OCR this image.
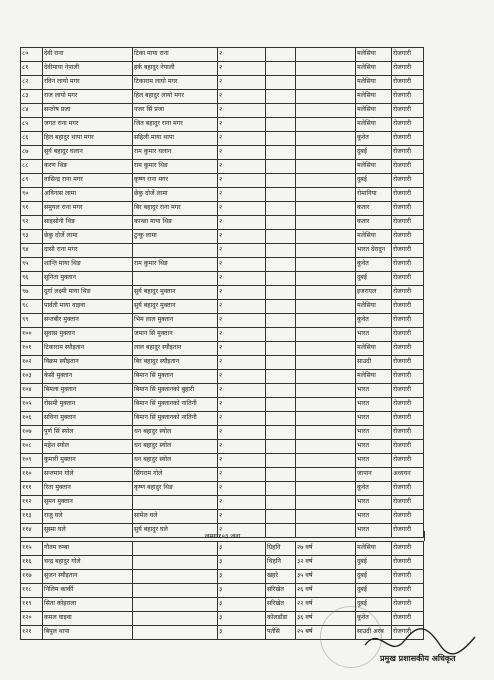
८०	देवी राना	टिका माया राना	२			मलेसिया	रोजगारी
८१	देवीमाया नेपाली	हर्क बहादुर नेपाली	२			मलेसिया	रोजगारी
८२	रविन लायो मगर	टिकाराम लायो मगर	२			मलेसिया	रोजगारी
८३	राज लायो मगर	हिल बहादुर लायो मगर	२			मलेसिया	रोजगारी
८४	सन्तोष प्रजा	नजर सिं प्रजा	२			मलेसिया	रोजगारी
८५	जगत राना मगर	जित बहादुर राना मगर	२			मलेसिया	रोजगारी
८६	हिल बहादुर थापा मगर	सहिली माया थापा	२			कुवेत	रोजगारी
८७	सुर्य बहादुर घलान	राम कुमार घलान	२			दुबई	रोजगारी
८८	करण थिङ	राम कुमार थिङ	२			मलेसिया	रोजगारी
८९	वासिन्द्र राना मगर	कृष्ण राना मगर	२			दुबई	रोजगारी
९०	अविनास लामा	छेकु दोर्जे लामा	२			रोमानिया	रोजगारी
९१	समुयल राना मगर	बिर बहादुर राना मगर	२			कतार	रोजगारी
९२	साइसोनी थिङ	कान्छा माया थिङ	२			कतार	रोजगारी
९३	छेकु दोर्जे लामा	टुन्कु लामा	२			मलेसिया	रोजगारी
९४	दासी राना मगर		२			भारत देरादुन	रोजगारी
९५	शान्ति माया थिङ	राम कुमार थिङ	२			कुवेत	रोजगारी
९६	सुनिता मुक्तान		२			दुबई	रोजगारी
९७	दुर्गा लक्ष्मी माया थिङ	सुर्य बहादुर मुक्तान	२			इजराएल	रोजगारी
९८	पार्वती माया वाइवा	सुर्य बहादुर मुक्तान	२			मलेसिया	रोजगारी
९९	सन्तबीर मुक्तान	भिम लाल मुक्तान	२			कुवेत	रोजगारी
१००	सुवास मुक्तान	जमान सिं मुक्तान	२			भारत	रोजगारी
१०१	टिकाराम स्यौइतान	लाल बहादुर स्यौइतान	२			मलेसिया	रोजगारी
१०२	विक्रम स्यौइतान	बिर बहादुर स्यौइतान	२			साउदी	रोजगारी
१०३	केसी मुक्तान	बिमान सिं मुक्तान	२			मलेसिया	रोजगारी
१०४	बिमला मुक्तान	बिमान सिं मुक्तानको बुहारी	२			भारत	रोजगारी
१०५	रोसमी मुक्तान	बिमान सिं मुक्तानको नातिनी	२			भारत	रोजगारी
१०६	सविना मुक्तान	बिमान सिं मुक्तानको नातिनी	२			भारत	रोजगारी
१०७	पुर्ण सिं स्योल	धन बहादुर स्योल	२			भारत	रोजगारी
१०८	महेश स्योल	धन बहादुर स्योल	२			भारत	रोजगारी
१०९	कुमारी मुक्तान	धन बहादुर स्योल	२			भारत	रोजगारी
११०	सन्तमान गोले	सिंगराम गोले	२			जापान	अध्ययन
१११	रिता मुक्तान	कृष्ण बहादुर थिङ	२			कुवेत	रोजगारी
११२	सुमन मुक्तान		२			भारत	रोजगारी
११३	राजु घले	सामेल घले	२			भारत	रोजगारी
११४	सुस्मा घले	सुर्य बहादुर घले	२			भारत	रोजगारी
जम्माः१०३ जना
११५	गौतम रुम्बा		३	ग्रिहनि	२७ वर्ष	मलेसिया	रोजगारी
११६	चन्द्र बहादुर गोले		३	थिहनि	३२ वर्ष	दुबई	रोजगारी
११७	सुजन स्यौइतान		३	खहरे	३५ वर्ष	दुबई	रोजगारी
११८	निलिम कार्की		३	सरिखेत	२६ वर्ष	दुबई	रोजगारी
११९	सिता कोइराला		३	सरिखेत	२२ वर्ष	दुबई	रोजगारी
१२०	कमल वाइवा		३	कोलडाँडा	३६ वर्ष	कुवेत	रोजगारी
१२१	बिपुल थापा		३	पर्तसि	२५ बर्ष	साउदी अरब	रोजगारी
प्रमुख प्रशासकीय अधिकृत
